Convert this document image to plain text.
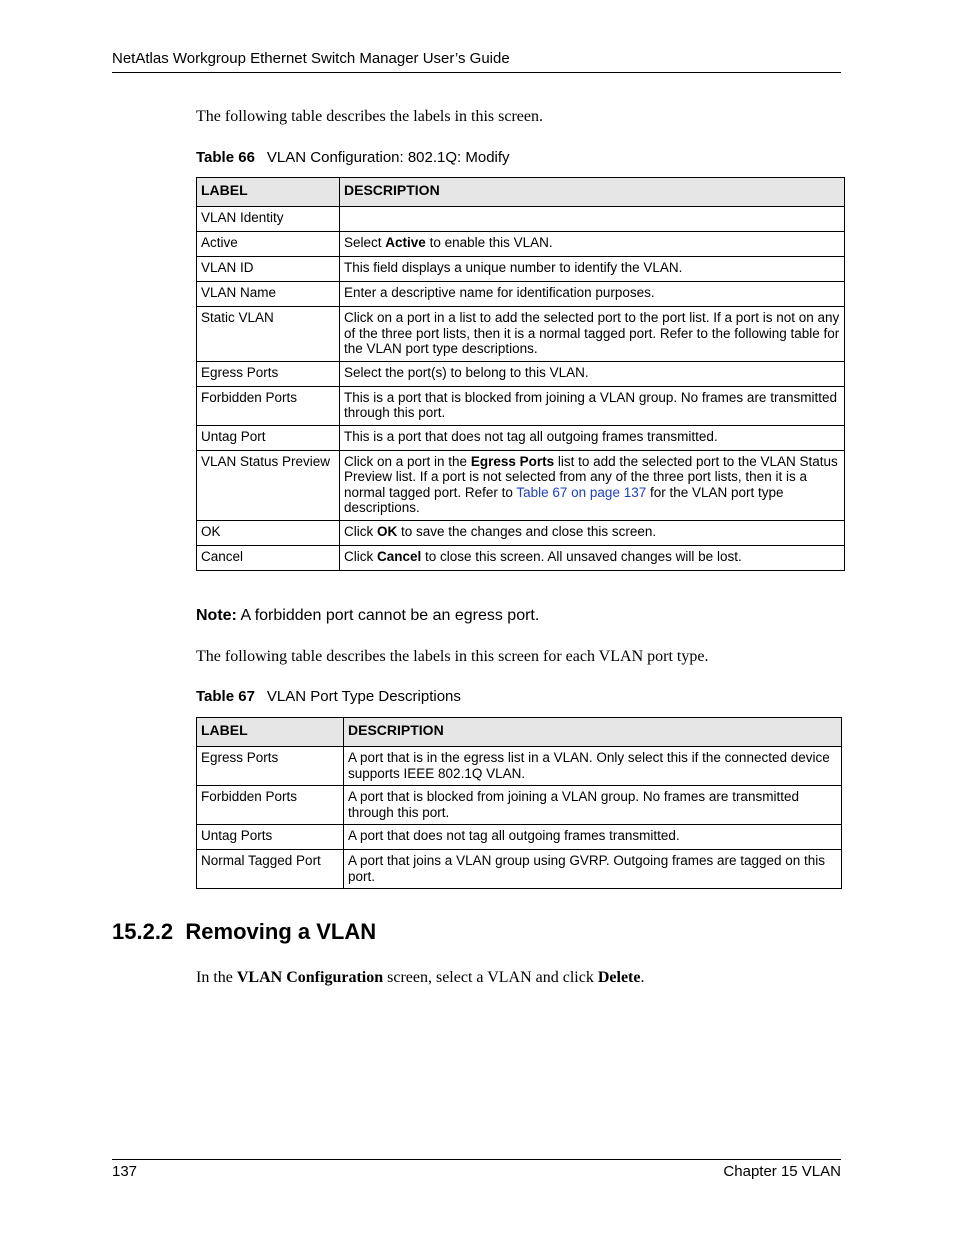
NetAtlas Workgroup Ethernet Switch Manager User’s Guide
The following table describes the labels in this screen.
Table 66 VLAN Configuration: 802.1Q: Modify
LABEL	DESCRIPTION
VLAN Identity	
Active	Select Active to enable this VLAN.
VLAN ID	This field displays a unique number to identify the VLAN.
VLAN Name	Enter a descriptive name for identification purposes.
Static VLAN	Click on a port in a list to add the selected port to the port list. If a port is not on any of the three port lists, then it is a normal tagged port. Refer to the following table for the VLAN port type descriptions.
Egress Ports	Select the port(s) to belong to this VLAN.
Forbidden Ports	This is a port that is blocked from joining a VLAN group. No frames are transmitted through this port.
Untag Port	This is a port that does not tag all outgoing frames transmitted.
VLAN Status Preview	Click on a port in the Egress Ports list to add the selected port to the VLAN Status Preview list. If a port is not selected from any of the three port lists, then it is a normal tagged port. Refer to Table 67 on page 137 for the VLAN port type descriptions.
OK	Click OK to save the changes and close this screen.
Cancel	Click Cancel to close this screen. All unsaved changes will be lost.
Note: A forbidden port cannot be an egress port.
The following table describes the labels in this screen for each VLAN port type.
Table 67 VLAN Port Type Descriptions
LABEL	DESCRIPTION
Egress Ports	A port that is in the egress list in a VLAN. Only select this if the connected device supports IEEE 802.1Q VLAN.
Forbidden Ports	A port that is blocked from joining a VLAN group. No frames are transmitted through this port.
Untag Ports	A port that does not tag all outgoing frames transmitted.
Normal Tagged Port	A port that joins a VLAN group using GVRP. Outgoing frames are tagged on this port.
15.2.2 Removing a VLAN
In the VLAN Configuration screen, select a VLAN and click Delete.
137	Chapter 15 VLAN
